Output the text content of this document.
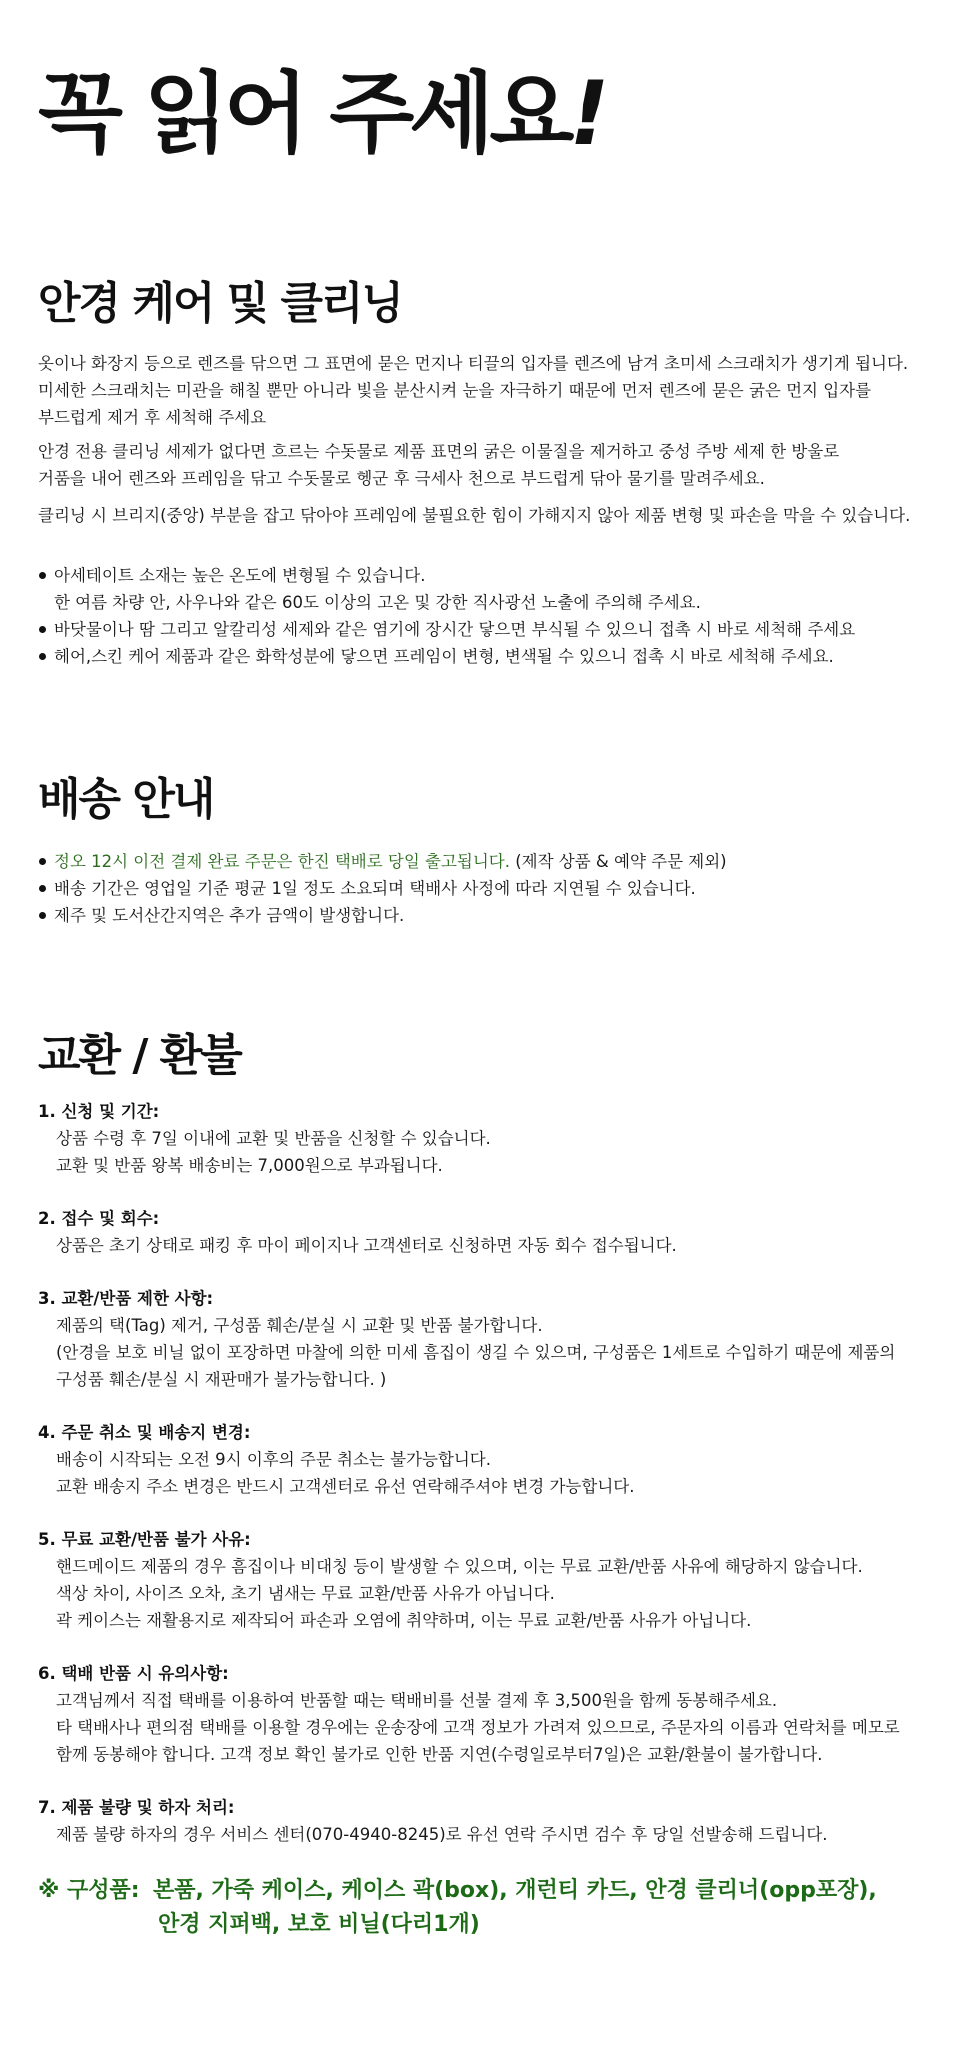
꼭 읽어 주세요!
안경 케어 및 클리닝
옷이나 화장지 등으로 렌즈를 닦으면 그 표면에 묻은 먼지나 티끌의 입자를 렌즈에 남겨 초미세 스크래치가 생기게 됩니다.
미세한 스크래치는 미관을 해칠 뿐만 아니라 빛을 분산시켜 눈을 자극하기 때문에 먼저 렌즈에 묻은 굵은 먼지 입자를
부드럽게 제거 후 세척해 주세요
안경 전용 클리닝 세제가 없다면 흐르는 수돗물로 제품 표면의 굵은 이물질을 제거하고 중성 주방 세제 한 방울로
거품을 내어 렌즈와 프레임을 닦고 수돗물로 헹군 후 극세사 천으로 부드럽게 닦아 물기를 말려주세요.
클리닝 시 브리지(중앙) 부분을 잡고 닦아야 프레임에 불필요한 힘이 가해지지 않아 제품 변형 및 파손을 막을 수 있습니다.
아세테이트 소재는 높은 온도에 변형될 수 있습니다.
한 여름 차량 안, 사우나와 같은 60도 이상의 고온 및 강한 직사광선 노출에 주의해 주세요.
바닷물이나 땀 그리고 알칼리성 세제와 같은 염기에 장시간 닿으면 부식될 수 있으니 접촉 시 바로 세척해 주세요
헤어,스킨 케어 제품과 같은 화학성분에 닿으면 프레임이 변형, 변색될 수 있으니 접촉 시 바로 세척해 주세요.
배송 안내
정오 12시 이전 결제 완료 주문은 한진 택배로 당일 출고됩니다. (제작 상품 & 예약 주문 제외)
배송 기간은 영업일 기준 평균 1일 정도 소요되며 택배사 사정에 따라 지연될 수 있습니다.
제주 및 도서산간지역은 추가 금액이 발생합니다.
교환 / 환불
1. 신청 및 기간:
상품 수령 후 7일 이내에 교환 및 반품을 신청할 수 있습니다.
교환 및 반품 왕복 배송비는 7,000원으로 부과됩니다.
2. 접수 및 회수:
상품은 초기 상태로 패킹 후 마이 페이지나 고객센터로 신청하면 자동 회수 접수됩니다.
3. 교환/반품 제한 사항:
제품의 택(Tag) 제거, 구성품 훼손/분실 시 교환 및 반품 불가합니다.
(안경을 보호 비닐 없이 포장하면 마찰에 의한 미세 흠집이 생길 수 있으며, 구성품은 1세트로 수입하기 때문에 제품의
구성품 훼손/분실 시 재판매가 불가능합니다. )
4. 주문 취소 및 배송지 변경:
배송이 시작되는 오전 9시 이후의 주문 취소는 불가능합니다.
교환 배송지 주소 변경은 반드시 고객센터로 유선 연락해주셔야 변경 가능합니다.
5. 무료 교환/반품 불가 사유:
핸드메이드 제품의 경우 흠집이나 비대칭 등이 발생할 수 있으며, 이는 무료 교환/반품 사유에 해당하지 않습니다.
색상 차이, 사이즈 오차, 초기 냄새는 무료 교환/반품 사유가 아닙니다.
곽 케이스는 재활용지로 제작되어 파손과 오염에 취약하며, 이는 무료 교환/반품 사유가 아닙니다.
6. 택배 반품 시 유의사항:
고객님께서 직접 택배를 이용하여 반품할 때는 택배비를 선불 결제 후 3,500원을 함께 동봉해주세요.
타 택배사나 편의점 택배를 이용할 경우에는 운송장에 고객 정보가 가려져 있으므로, 주문자의 이름과 연락처를 메모로
함께 동봉해야 합니다. 고객 정보 확인 불가로 인한 반품 지연(수령일로부터7일)은 교환/환불이 불가합니다.
7. 제품 불량 및 하자 처리:
제품 불량 하자의 경우 서비스 센터(070-4940-8245)로 유선 연락 주시면 검수 후 당일 선발송해 드립니다.
※ 구성품: 본품, 가죽 케이스, 케이스 곽(box), 개런티 카드, 안경 클리너(opp포장),
안경 지퍼백, 보호 비닐(다리1개)
